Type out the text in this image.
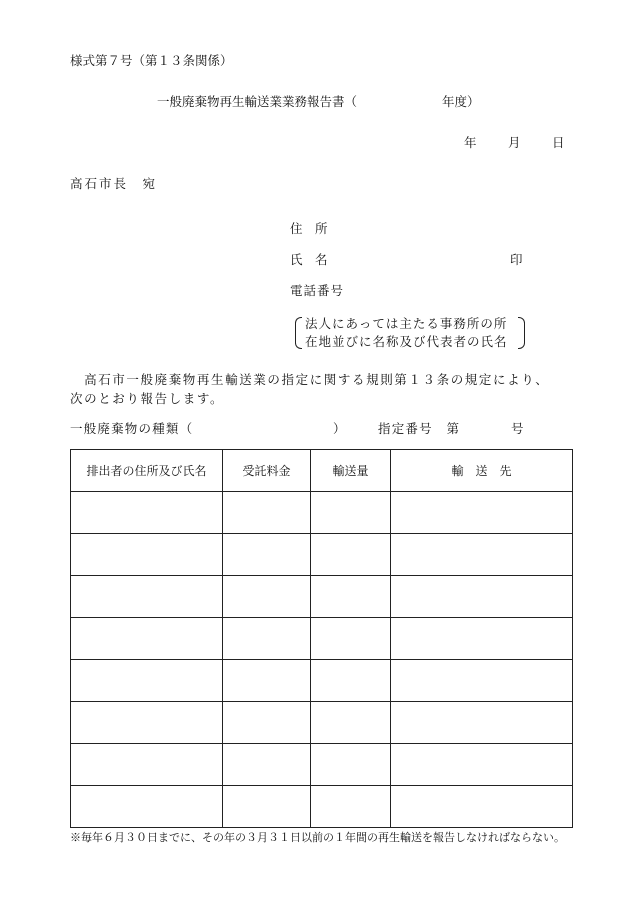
様式第７号（第１３条関係）
一般廃棄物再生輸送業業務報告書（	年度）
年	月	日
高石市長　宛
住　所
氏　名	印
電話番号
法人にあっては主たる事務所の所
在地並びに名称及び代表者の氏名
　高石市一般廃棄物再生輸送業の指定に関する規則第１３条の規定により、
次のとおり報告します。
一般廃棄物の種類（	）	指定番号　第	号
排出者の住所及び氏名	受託料金	輸送量	輸　送　先

※毎年６月３０日までに、その年の３月３１日以前の１年間の再生輸送を報告しなければならない。
